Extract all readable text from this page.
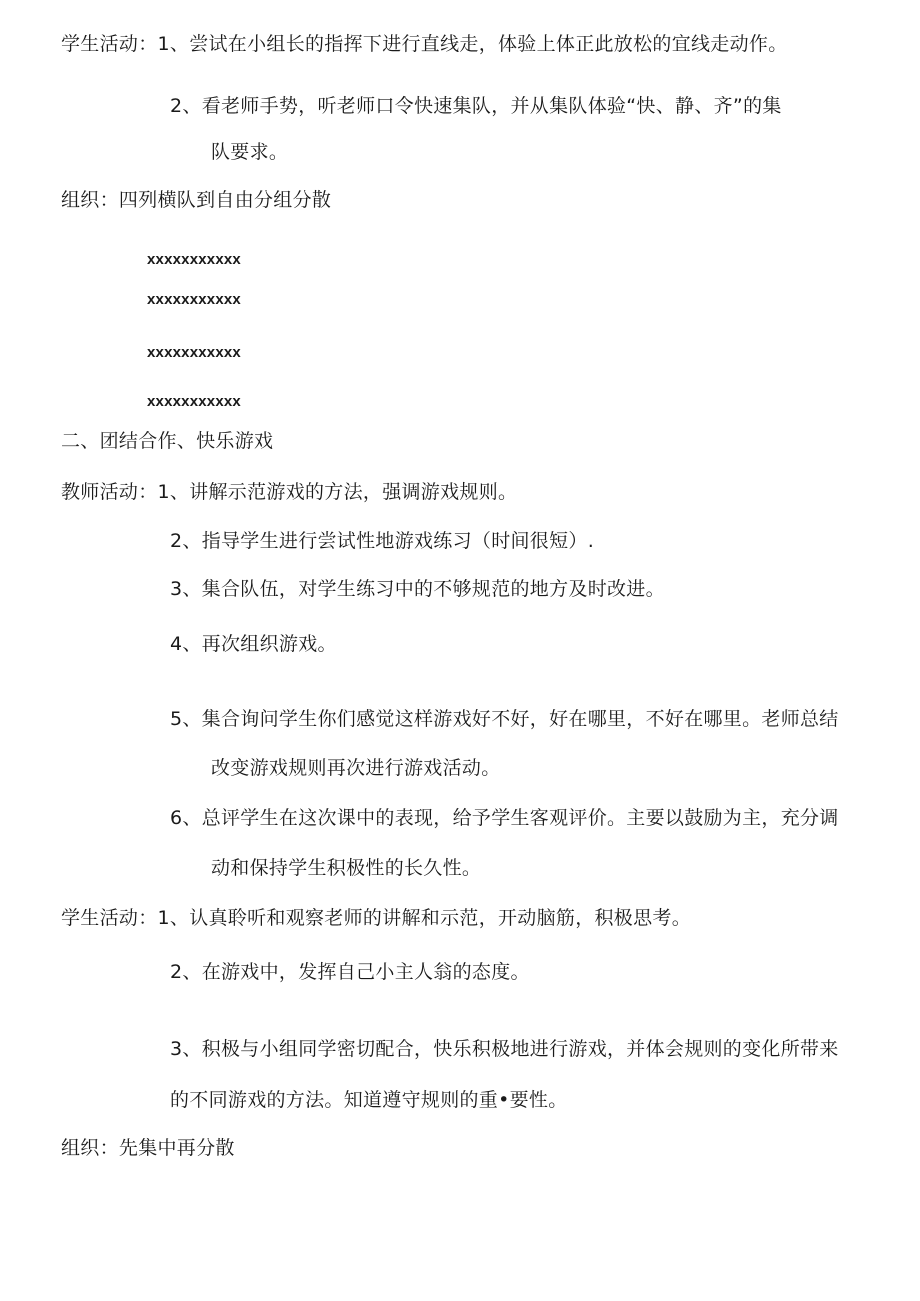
学生活动：1、尝试在小组长的指挥下进行直线走，体验上体正此放松的宜线走动作。
2、看老师手势，听老师口令快速集队，并从集队体验“快、静、齐”的集
队要求。
组织：四列横队到自由分组分散
xxxxxxxxxxx
xxxxxxxxxxx
xxxxxxxxxxx
xxxxxxxxxxx
二、团结合作、快乐游戏
教师活动：1、讲解示范游戏的方法，强调游戏规则。
2、指导学生进行尝试性地游戏练习（时间很短）.
3、集合队伍，对学生练习中的不够规范的地方及时改进。
4、再次组织游戏。
5、集合询问学生你们感觉这样游戏好不好，好在哪里，不好在哪里。老师总结
改变游戏规则再次进行游戏活动。
6、总评学生在这次课中的表现，给予学生客观评价。主要以鼓励为主，充分调
动和保持学生积极性的长久性。
学生活动：1、认真聆听和观察老师的讲解和示范，开动脑筋，积极思考。
2、在游戏中，发挥自己小主人翁的态度。
3、积极与小组同学密切配合，快乐积极地进行游戏，并体会规则的变化所带来
的不同游戏的方法。知道遵守规则的重•要性。
组织：先集中再分散
